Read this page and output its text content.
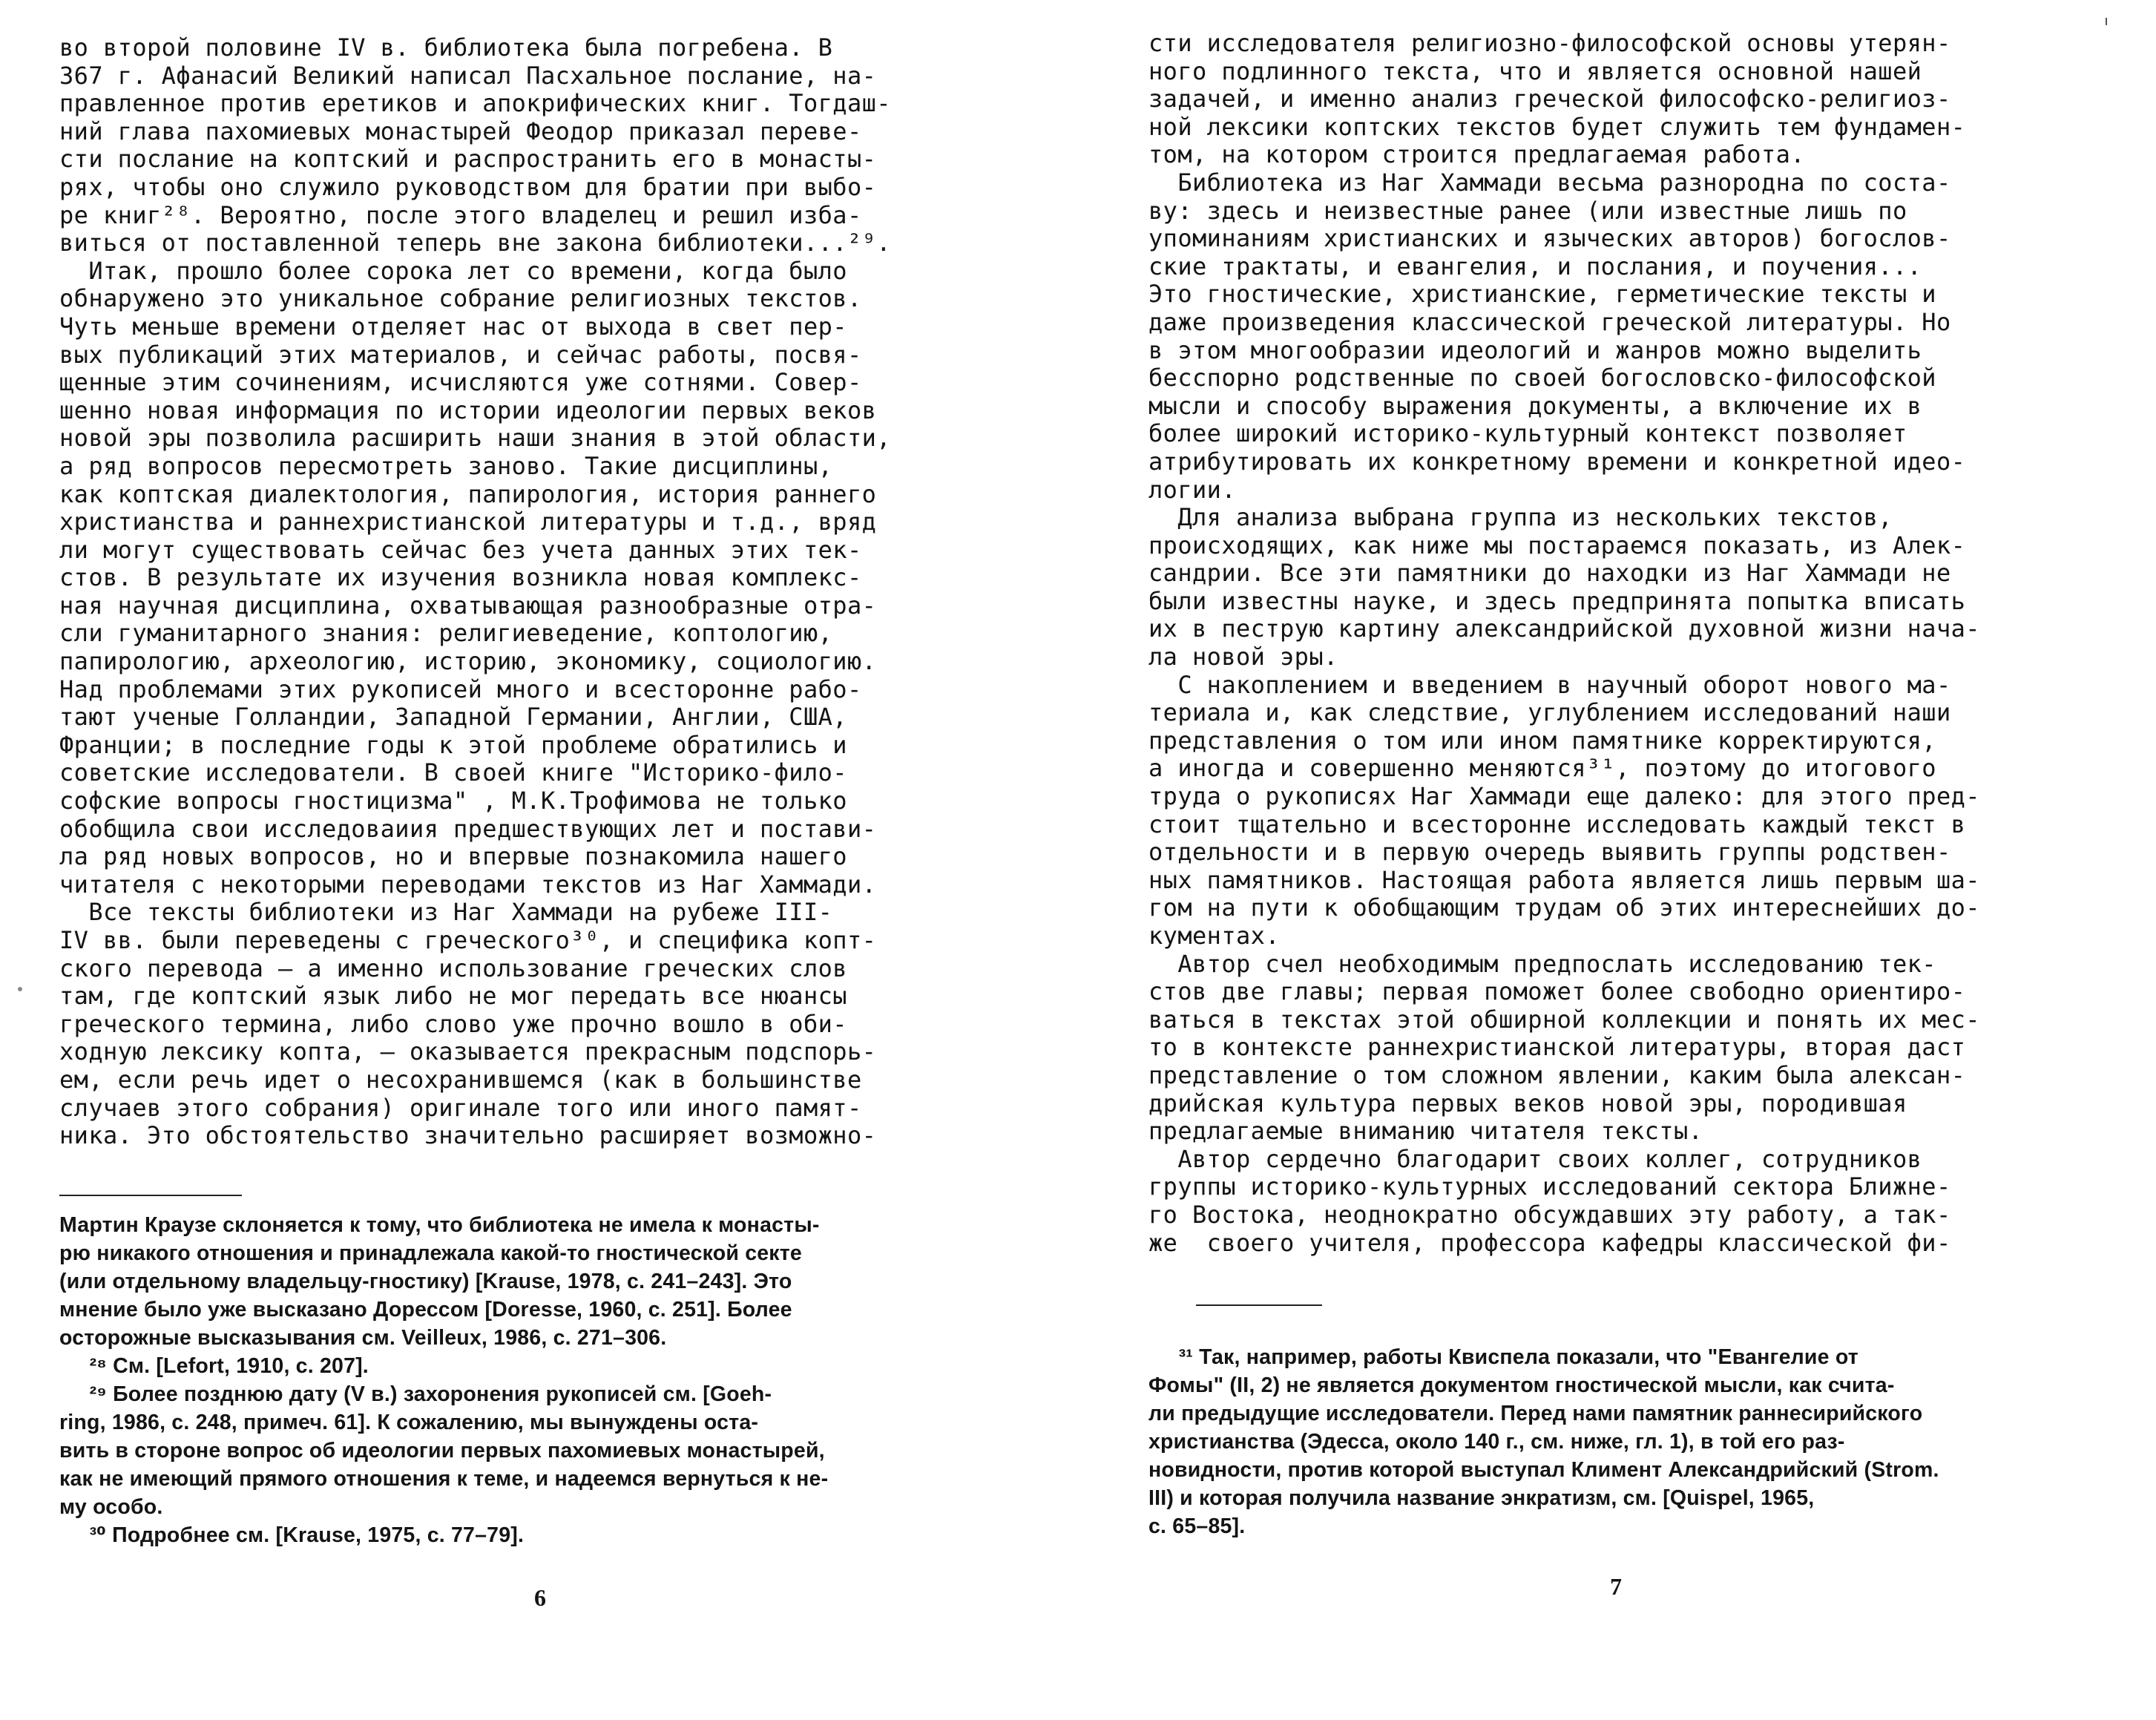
во второй половине IV в. библиотека была погребена. В
367 г. Афанасий Великий написал Пасхальное послание, на-
правленное против еретиков и апокрифических книг. Тогдаш-
ний глава пахомиевых монастырей Феодор приказал переве-
сти послание на коптский и распространить его в монасты-
рях, чтобы оно служило руководством для братии при выбо-
ре книг²⁸. Вероятно, после этого владелец и решил изба-
виться от поставленной теперь вне закона библиотеки...²⁹.
Итак, прошло более сорока лет со времени, когда было
обнаружено это уникальное собрание религиозных текстов.
Чуть меньше времени отделяет нас от выхода в свет пер-
вых публикаций этих материалов, и сейчас работы, посвя-
щенные этим сочинениям, исчисляются уже сотнями. Совер-
шенно новая информация по истории идеологии первых веков
новой эры позволила расширить наши знания в этой области,
а ряд вопросов пересмотреть заново. Такие дисциплины,
как коптская диалектология, папирология, история раннего
христианства и раннехристианской литературы и т.д., вряд
ли могут существовать сейчас без учета данных этих тек-
стов. В результате их изучения возникла новая комплекс-
ная научная дисциплина, охватывающая разнообразные отра-
сли гуманитарного знания: религиеведение, коптологию,
папирологию, археологию, историю, экономику, социологию.
Над проблемами этих рукописей много и всесторонне рабо-
тают ученые Голландии, Западной Германии, Англии, США,
Франции; в последние годы к этой проблеме обратились и
советские исследователи. В своей книге "Историко-фило-
софские вопросы гностицизма" , М.К.Трофимова не только
обобщила свои исследоваиия предшествующих лет и постави-
ла ряд новых вопросов, но и впервые познакомила нашего
читателя с некоторыми переводами текстов из Наг Хаммади.
Все тексты библиотеки из Наг Хаммади на рубеже III-
IV вв. были переведены с греческого³⁰, и специфика копт-
ского перевода — а именно использование греческих слов
там, где коптский язык либо не мог передать все нюансы
греческого термина, либо слово уже прочно вошло в оби-
ходную лексику копта, — оказывается прекрасным подспорь-
ем, если речь идет о несохранившемся (как в большинстве
случаев этого собрания) оригинале того или иного памят-
ника. Это обстоятельство значительно расширяет возможно-
Мартин Краузе склоняется к тому, что библиотека не имела к монасты-
рю никакого отношения и принадлежала какой-то гностической секте
(или отдельному владельцу-гностику) [Krause, 1978, с. 241–243]. Это
мнение было уже высказано Дорессом [Doresse, 1960, с. 251]. Более
осторожные высказывания см. Veilleux, 1986, с. 271–306.
²⁸ См. [Lefort, 1910, с. 207].
²⁹ Более позднюю дату (V в.) захоронения рукописей см. [Goeh-
ring, 1986, с. 248, примеч. 61]. К сожалению, мы вынуждены оста-
вить в стороне вопрос об идеологии первых пахомиевых монастырей,
как не имеющий прямого отношения к теме, и надеемся вернуться к не-
му особо.
³⁰ Подробнее см. [Krause, 1975, с. 77–79].
6
сти исследователя религиозно-философской основы утерян-
ного подлинного текста, что и является основной нашей
задачей, и именно анализ греческой философско-религиоз-
ной лексики коптских текстов будет служить тем фундамен-
том, на котором строится предлагаемая работа.
Библиотека из Наг Хаммади весьма разнородна по соста-
ву: здесь и неизвестные ранее (или известные лишь по
упоминаниям христианских и языческих авторов) богослов-
ские трактаты, и евангелия, и послания, и поучения...
Это гностические, христианские, герметические тексты и
даже произведения классической греческой литературы. Но
в этом многообразии идеологий и жанров можно выделить
бесспорно родственные по своей богословско-философской
мысли и способу выражения документы, а включение их в
более широкий историко-культурный контекст позволяет
атрибутировать их конкретному времени и конкретной идео-
логии.
Для анализа выбрана группа из нескольких текстов,
происходящих, как ниже мы постараемся показать, из Алек-
сандрии. Все эти памятники до находки из Наг Хаммади не
были известны науке, и здесь предпринята попытка вписать
их в пеструю картину александрийской духовной жизни нача-
ла новой эры.
С накоплением и введением в научный оборот нового ма-
териала и, как следствие, углублением исследований наши
представления о том или ином памятнике корректируются,
а иногда и совершенно меняются³¹, поэтому до итогового
труда о рукописях Наг Хаммади еще далеко: для этого пред-
стоит тщательно и всесторонне исследовать каждый текст в
отдельности и в первую очередь выявить группы родствен-
ных памятников. Настоящая работа является лишь первым ша-
гом на пути к обобщающим трудам об этих интереснейших до-
кументах.
Автор счел необходимым предпослать исследованию тек-
стов две главы; первая поможет более свободно ориентиро-
ваться в текстах этой обширной коллекции и понять их мес-
то в контексте раннехристианской литературы, вторая даст
представление о том сложном явлении, каким была алексан-
дрийская культура первых веков новой эры, породившая
предлагаемые вниманию читателя тексты.
Автор сердечно благодарит своих коллег, сотрудников
группы историко-культурных исследований сектора Ближне-
го Востока, неоднократно обсуждавших эту работу, а так-
же  своего учителя, профессора кафедры классической фи-
³¹ Так, например, работы Квиспела показали, что "Евангелие от
Фомы" (II, 2) не является документом гностической мысли, как счита-
ли предыдущие исследователи. Перед нами памятник раннесирийского
христианства (Эдесса, около 140 г., см. ниже, гл. 1), в той его раз-
новидности, против которой выступал Климент Александрийский (Strom.
III) и которая получила название энкратизм, см. [Quispel, 1965,
с. 65–85].
7
